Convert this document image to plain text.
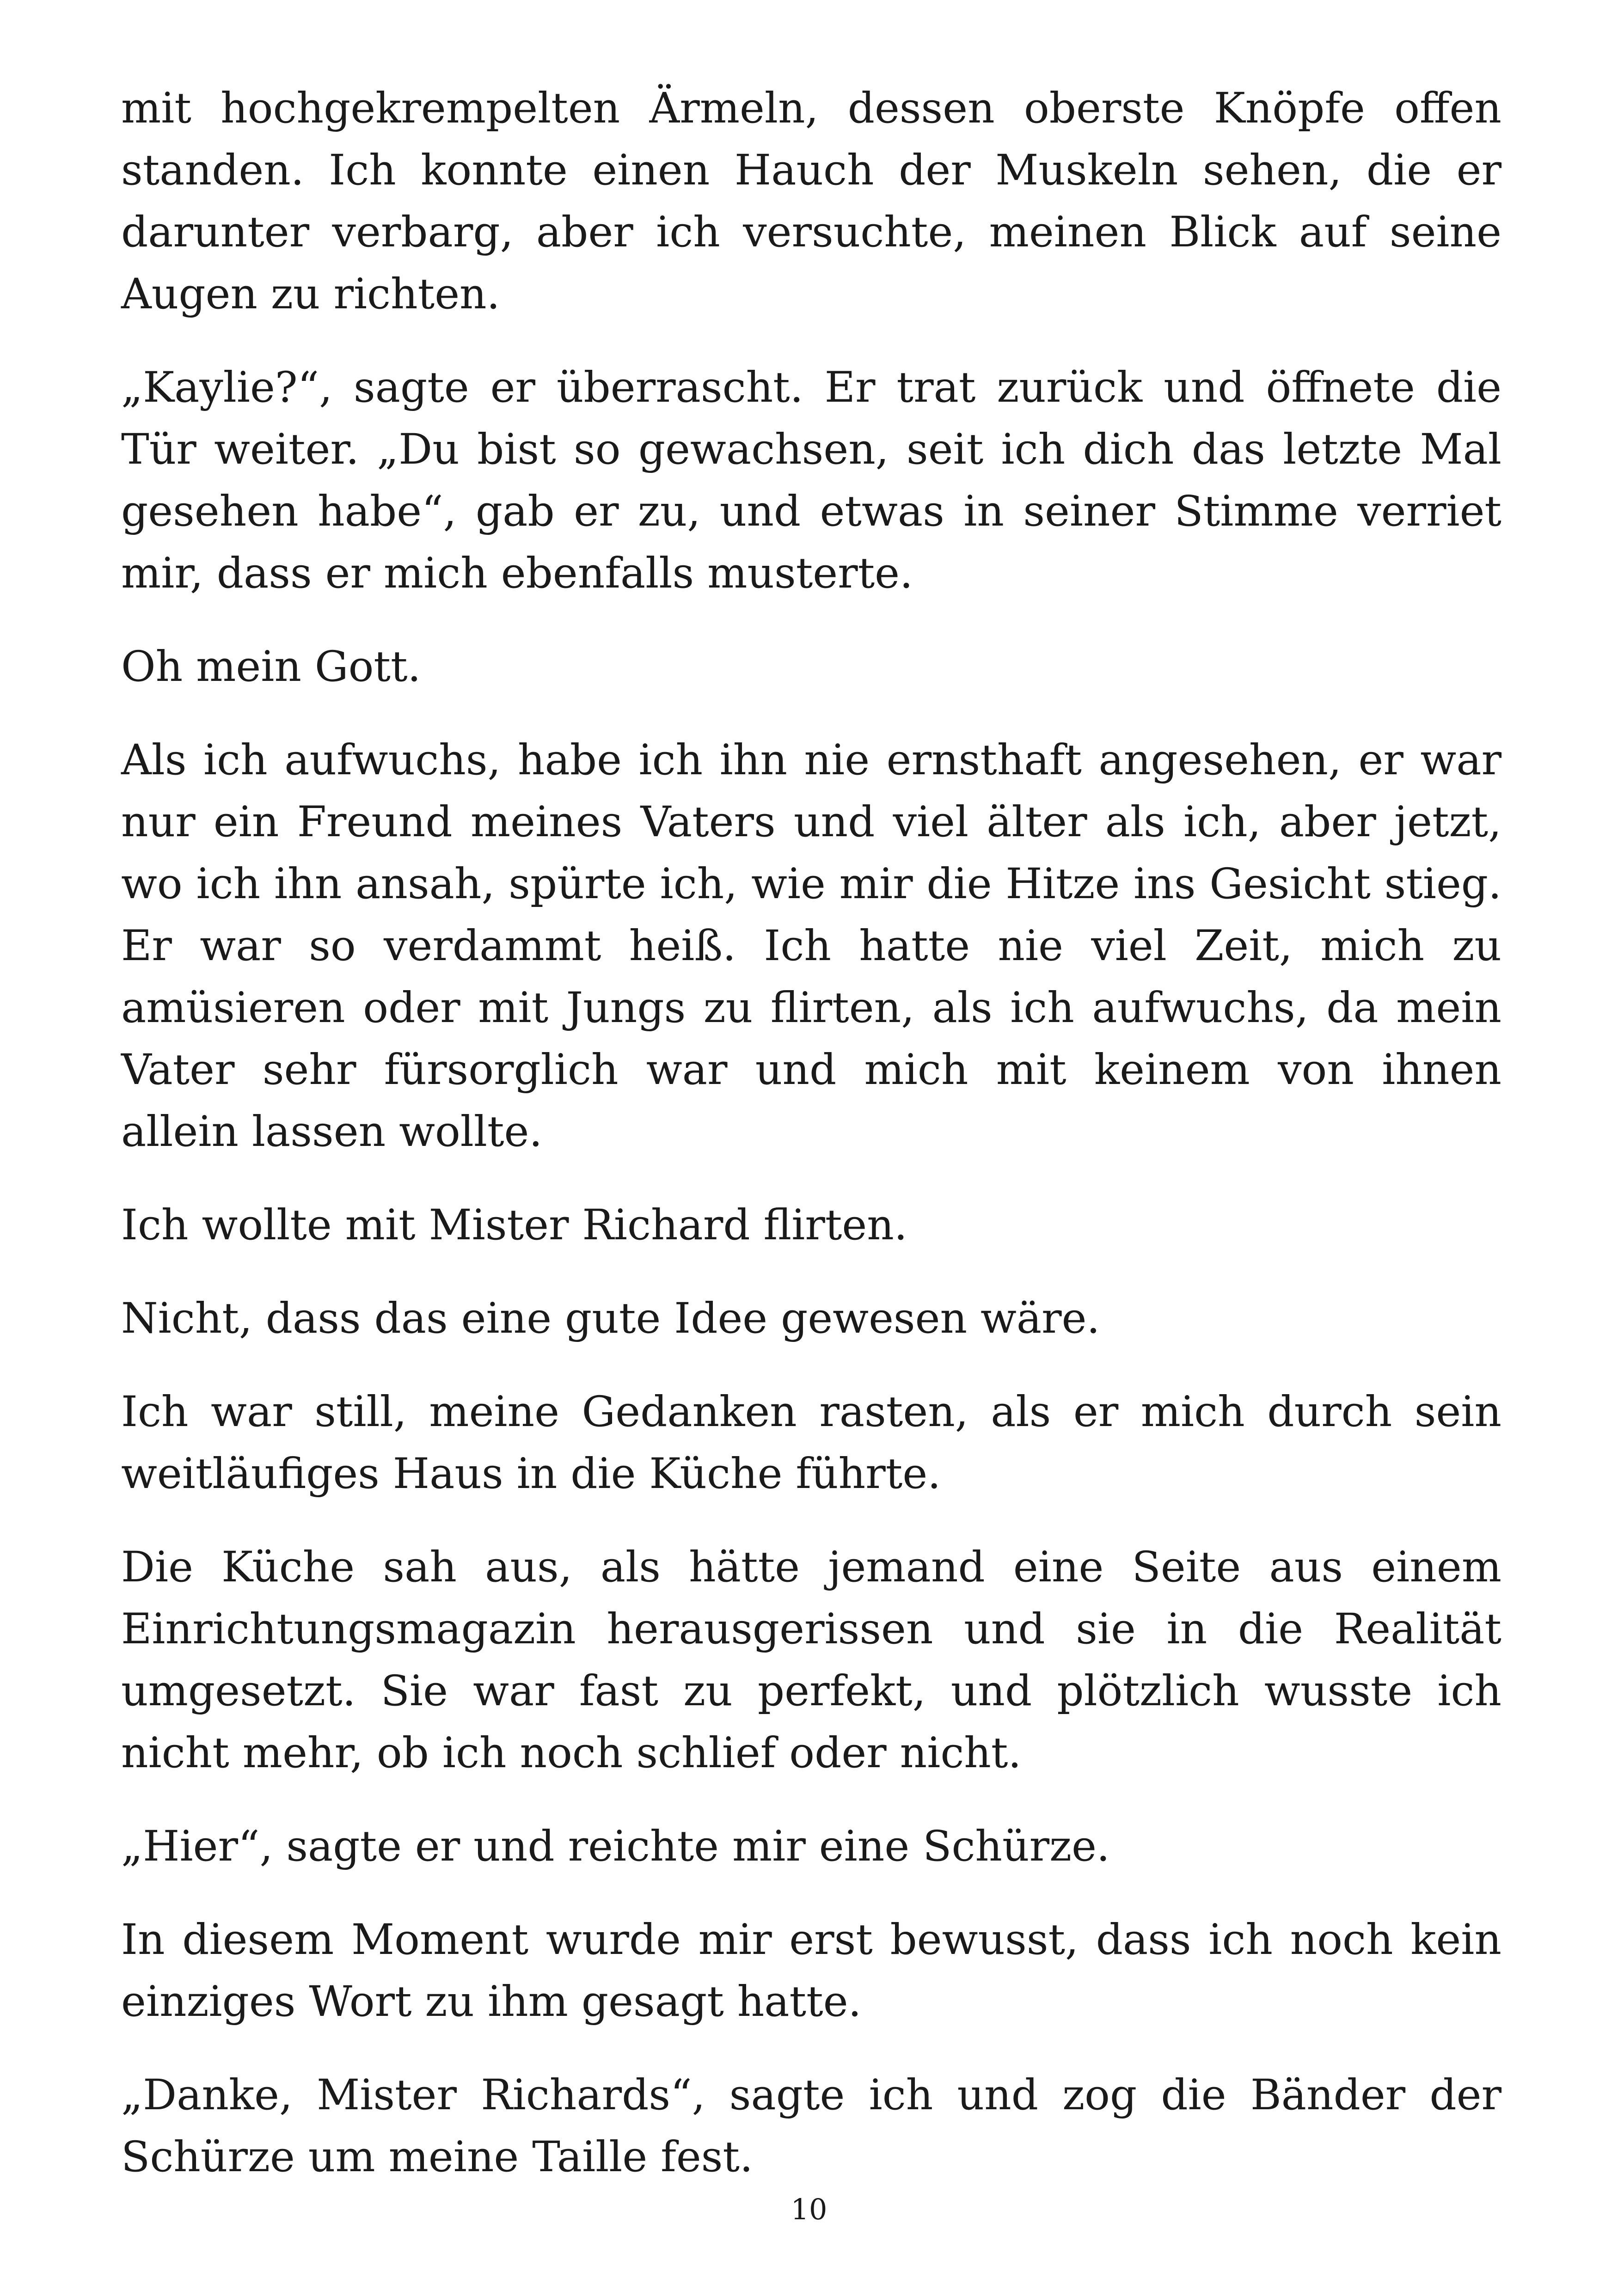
mit hochgekrempelten Ärmeln, dessen oberste Knöpfe offen standen. Ich konnte einen Hauch der Muskeln sehen, die er darunter verbarg, aber ich versuchte, meinen Blick auf seine Augen zu richten.

„Kaylie?“, sagte er überrascht. Er trat zurück und öffnete die Tür weiter. „Du bist so gewachsen, seit ich dich das letzte Mal gesehen habe“, gab er zu, und etwas in seiner Stimme verriet mir, dass er mich ebenfalls musterte.

Oh mein Gott.

Als ich aufwuchs, habe ich ihn nie ernsthaft angesehen, er war nur ein Freund meines Vaters und viel älter als ich, aber jetzt, wo ich ihn ansah, spürte ich, wie mir die Hitze ins Gesicht stieg. Er war so verdammt heiß. Ich hatte nie viel Zeit, mich zu amüsieren oder mit Jungs zu flirten, als ich aufwuchs, da mein Vater sehr fürsorglich war und mich mit keinem von ihnen allein lassen wollte.

Ich wollte mit Mister Richard flirten.

Nicht, dass das eine gute Idee gewesen wäre.

Ich war still, meine Gedanken rasten, als er mich durch sein weitläufiges Haus in die Küche führte.

Die Küche sah aus, als hätte jemand eine Seite aus einem Einrichtungsmagazin herausgerissen und sie in die Realität umgesetzt. Sie war fast zu perfekt, und plötzlich wusste ich nicht mehr, ob ich noch schlief oder nicht.

„Hier“, sagte er und reichte mir eine Schürze.

In diesem Moment wurde mir erst bewusst, dass ich noch kein einziges Wort zu ihm gesagt hatte.

„Danke, Mister Richards“, sagte ich und zog die Bänder der Schürze um meine Taille fest.

10
